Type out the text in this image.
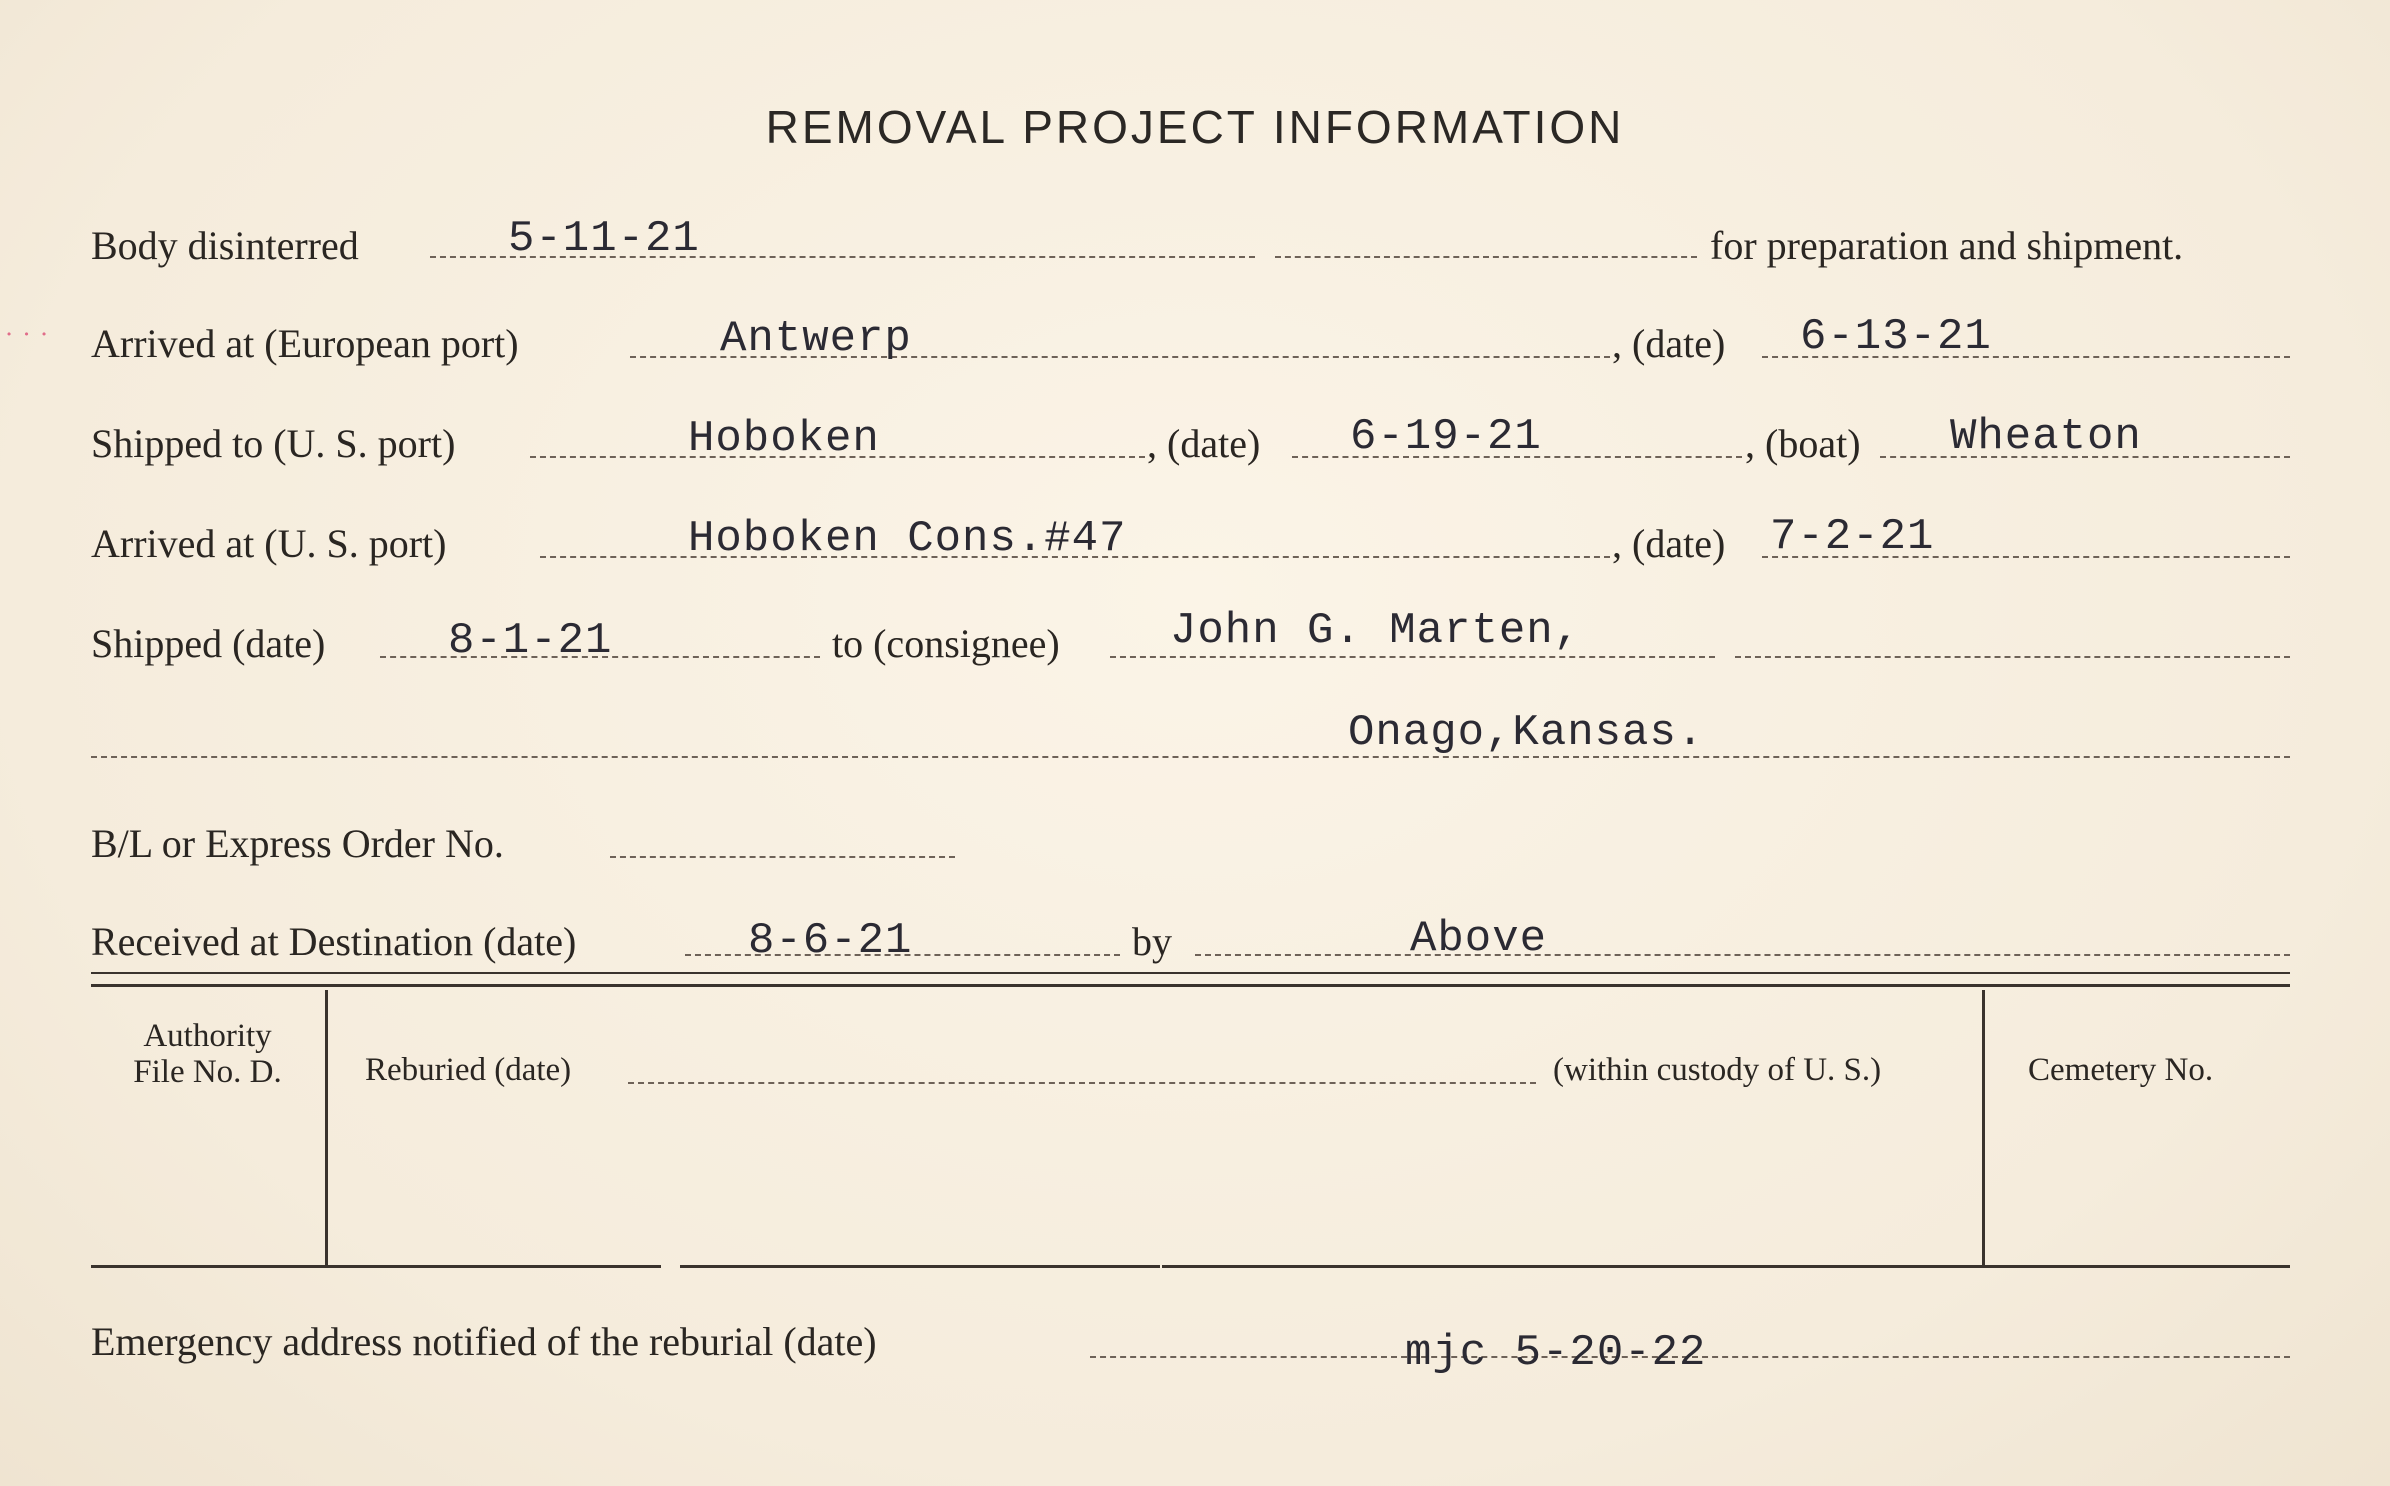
REMOVAL PROJECT INFORMATION
Body disinterred	5-11-21	for preparation and shipment.
Arrived at (European port)	Antwerp	, (date) 6-13-21
Shipped to (U. S. port)	Hoboken	, (date) 6-19-21	, (boat) Wheaton
Arrived at (U. S. port)	Hoboken Cons.#47	, (date) 7-2-21
Shipped (date)	8-1-21	to (consignee)	John G. Marten,
Onago,Kansas.
B/L or Express Order No.
Received at Destination (date)	8-6-21	by	Above
Authority
File No. D.	Reburied (date)	(within custody of U. S.)	Cemetery No.
Emergency address notified of the reburial (date)	mjc 5-20-22
˙ ˙ ˙
